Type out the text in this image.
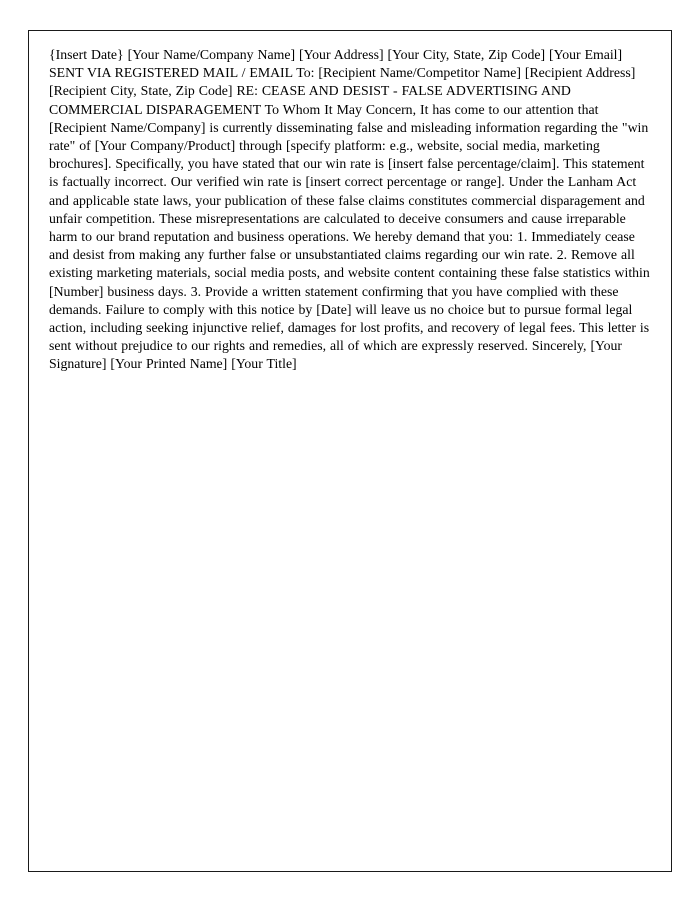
{Insert Date} [Your Name/Company Name] [Your Address] [Your City, State, Zip Code] [Your Email] SENT VIA REGISTERED MAIL / EMAIL To: [Recipient Name/Competitor Name] [Recipient Address] [Recipient City, State, Zip Code] RE: CEASE AND DESIST - FALSE ADVERTISING AND COMMERCIAL DISPARAGEMENT To Whom It May Concern, It has come to our attention that [Recipient Name/Company] is currently disseminating false and misleading information regarding the "win rate" of [Your Company/Product] through [specify platform: e.g., website, social media, marketing brochures]. Specifically, you have stated that our win rate is [insert false percentage/claim]. This statement is factually incorrect. Our verified win rate is [insert correct percentage or range]. Under the Lanham Act and applicable state laws, your publication of these false claims constitutes commercial disparagement and unfair competition. These misrepresentations are calculated to deceive consumers and cause irreparable harm to our brand reputation and business operations. We hereby demand that you: 1. Immediately cease and desist from making any further false or unsubstantiated claims regarding our win rate. 2. Remove all existing marketing materials, social media posts, and website content containing these false statistics within [Number] business days. 3. Provide a written statement confirming that you have complied with these demands. Failure to comply with this notice by [Date] will leave us no choice but to pursue formal legal action, including seeking injunctive relief, damages for lost profits, and recovery of legal fees. This letter is sent without prejudice to our rights and remedies, all of which are expressly reserved. Sincerely, [Your Signature] [Your Printed Name] [Your Title]
